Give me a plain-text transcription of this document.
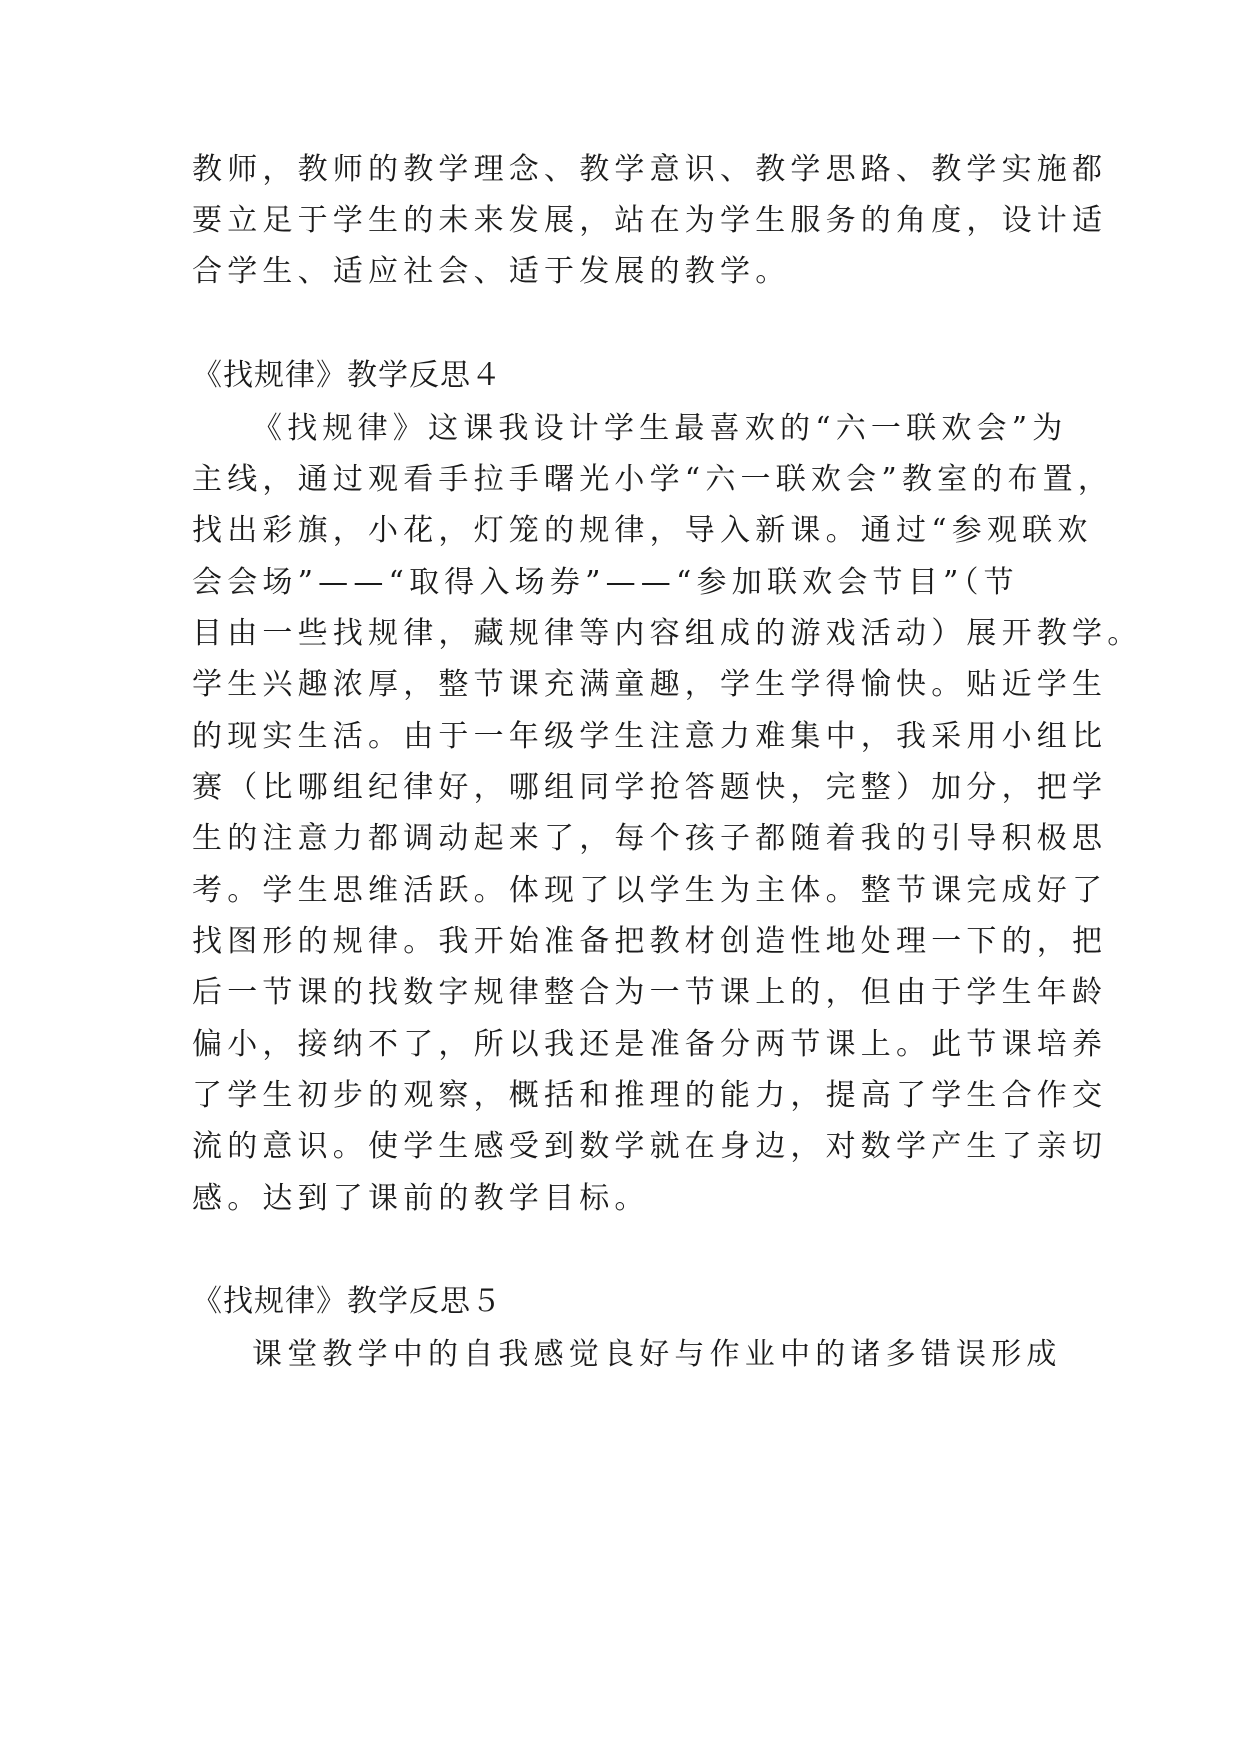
教师，教师的教学理念、教学意识、教学思路、教学实施都
要立足于学生的未来发展，站在为学生服务的角度，设计适
合学生、适应社会、适于发展的教学。
《找规律》教学反思４
《找规律》这课我设计学生最喜欢的“六一联欢会”为
主线，通过观看手拉手曙光小学“六一联欢会”教室的布置，
找出彩旗，小花，灯笼的规律，导入新课。通过“参观联欢
会会场”——“取得入场券”——“参加联欢会节目”（节
目由一些找规律，藏规律等内容组成的游戏活动）展开教学。
学生兴趣浓厚，整节课充满童趣，学生学得愉快。贴近学生
的现实生活。由于一年级学生注意力难集中，我采用小组比
赛（比哪组纪律好，哪组同学抢答题快，完整）加分，把学
生的注意力都调动起来了，每个孩子都随着我的引导积极思
考。学生思维活跃。体现了以学生为主体。整节课完成好了
找图形的规律。我开始准备把教材创造性地处理一下的，把
后一节课的找数字规律整合为一节课上的，但由于学生年龄
偏小，接纳不了，所以我还是准备分两节课上。此节课培养
了学生初步的观察，概括和推理的能力，提高了学生合作交
流的意识。使学生感受到数学就在身边，对数学产生了亲切
感。达到了课前的教学目标。
《找规律》教学反思５
课堂教学中的自我感觉良好与作业中的诸多错误形成
